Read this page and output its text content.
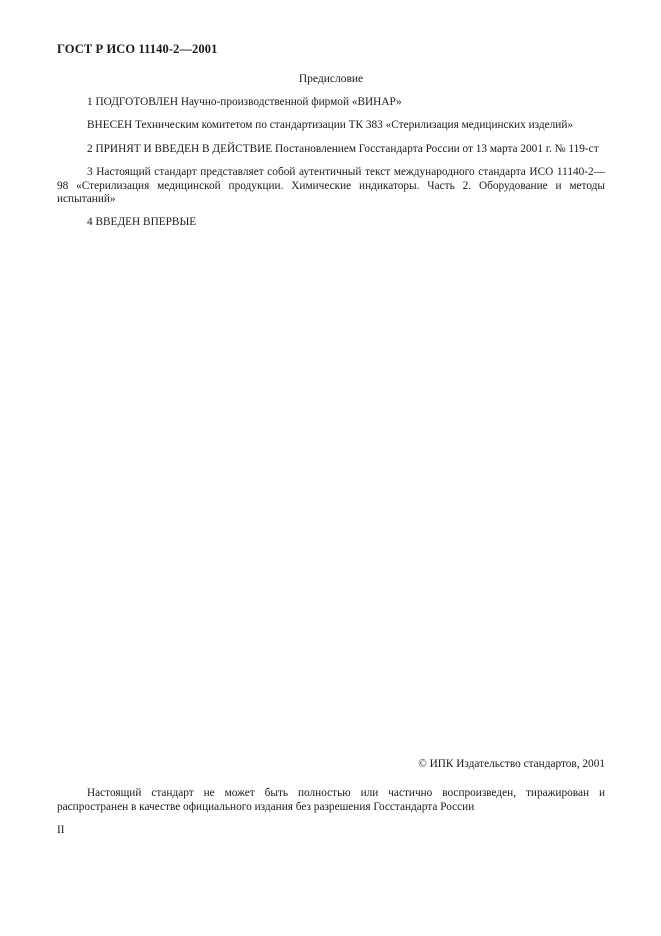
ГОСТ Р ИСО 11140-2—2001
Предисловие

1 ПОДГОТОВЛЕН Научно-производственной фирмой «ВИНАР»

ВНЕСЕН Техническим комитетом по стандартизации ТК 383 «Стерилизация медицинских изделий»

2 ПРИНЯТ И ВВЕДЕН В ДЕЙСТВИЕ Постановлением Госстандарта России от 13 марта 2001 г. № 119-ст

3 Настоящий стандарт представляет собой аутентичный текст международного стандарта ИСО 11140-2—98 «Стерилизация медицинской продукции. Химические индикаторы. Часть 2. Оборудование и методы испытаний»

4 ВВЕДЕН ВПЕРВЫЕ

© ИПК Издательство стандартов, 2001

Настоящий стандарт не может быть полностью или частично воспроизведен, тиражирован и распространен в качестве официального издания без разрешения Госстандарта России

II
